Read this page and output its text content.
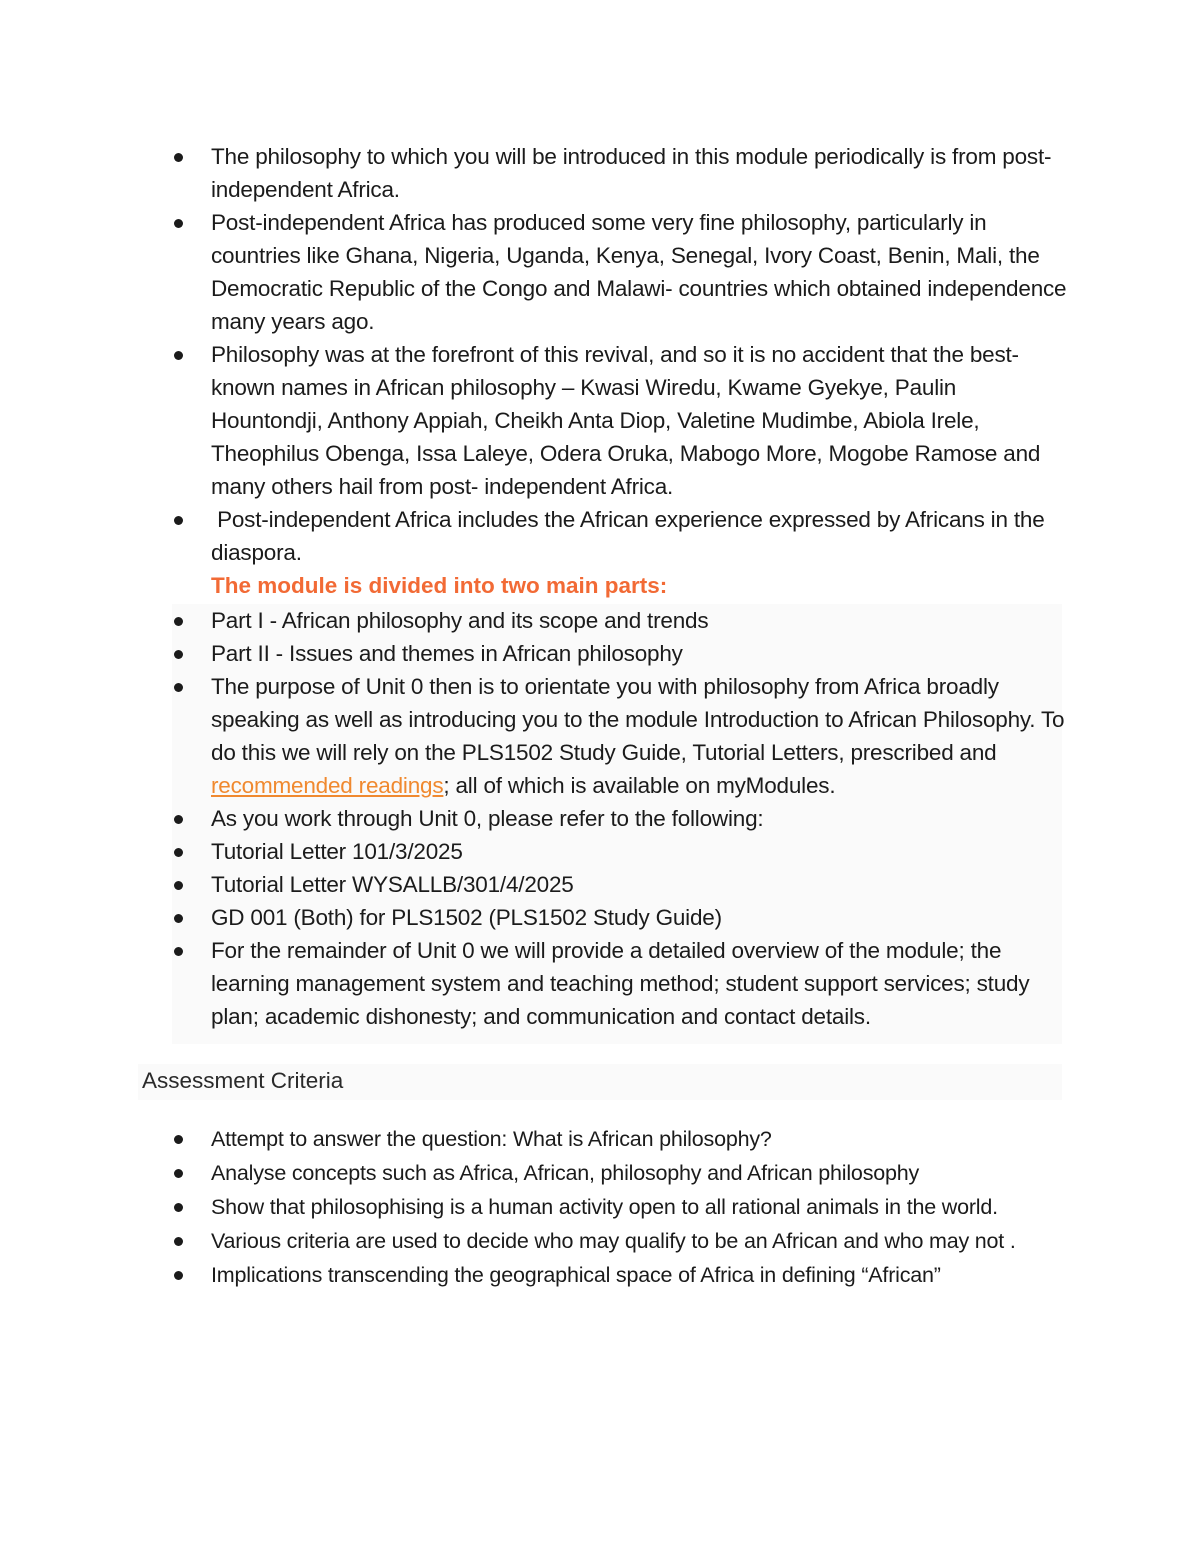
The philosophy to which you will be introduced in this module periodically is from post-independent Africa.
Post-independent Africa has produced some very fine philosophy, particularly in countries like Ghana, Nigeria, Uganda, Kenya, Senegal, Ivory Coast, Benin, Mali, the Democratic Republic of the Congo and Malawi- countries which obtained independence many years ago.
Philosophy was at the forefront of this revival, and so it is no accident that the best-known names in African philosophy – Kwasi Wiredu, Kwame Gyekye, Paulin Hountondji, Anthony Appiah, Cheikh Anta Diop, Valetine Mudimbe, Abiola Irele, Theophilus Obenga, Issa Laleye, Odera Oruka, Mabogo More, Mogobe Ramose and many others hail from post- independent Africa.
Post-independent Africa includes the African experience expressed by Africans in the diaspora.
The module is divided into two main parts:
Part I - African philosophy and its scope and trends
Part II - Issues and themes in African philosophy
The purpose of Unit 0 then is to orientate you with philosophy from Africa broadly speaking as well as introducing you to the module Introduction to African Philosophy. To do this we will rely on the PLS1502 Study Guide, Tutorial Letters, prescribed and recommended readings; all of which is available on myModules.
As you work through Unit 0, please refer to the following:
Tutorial Letter 101/3/2025
Tutorial Letter WYSALLB/301/4/2025
GD 001 (Both) for PLS1502 (PLS1502 Study Guide)
For the remainder of Unit 0 we will provide a detailed overview of the module; the learning management system and teaching method; student support services; study plan; academic dishonesty; and communication and contact details.
Assessment Criteria
Attempt to answer the question: What is African philosophy?
Analyse concepts such as Africa, African, philosophy and African philosophy
Show that philosophising is a human activity open to all rational animals in the world.
Various criteria are used to decide who may qualify to be an African and who may not .
Implications transcending the geographical space of Africa in defining “African”
